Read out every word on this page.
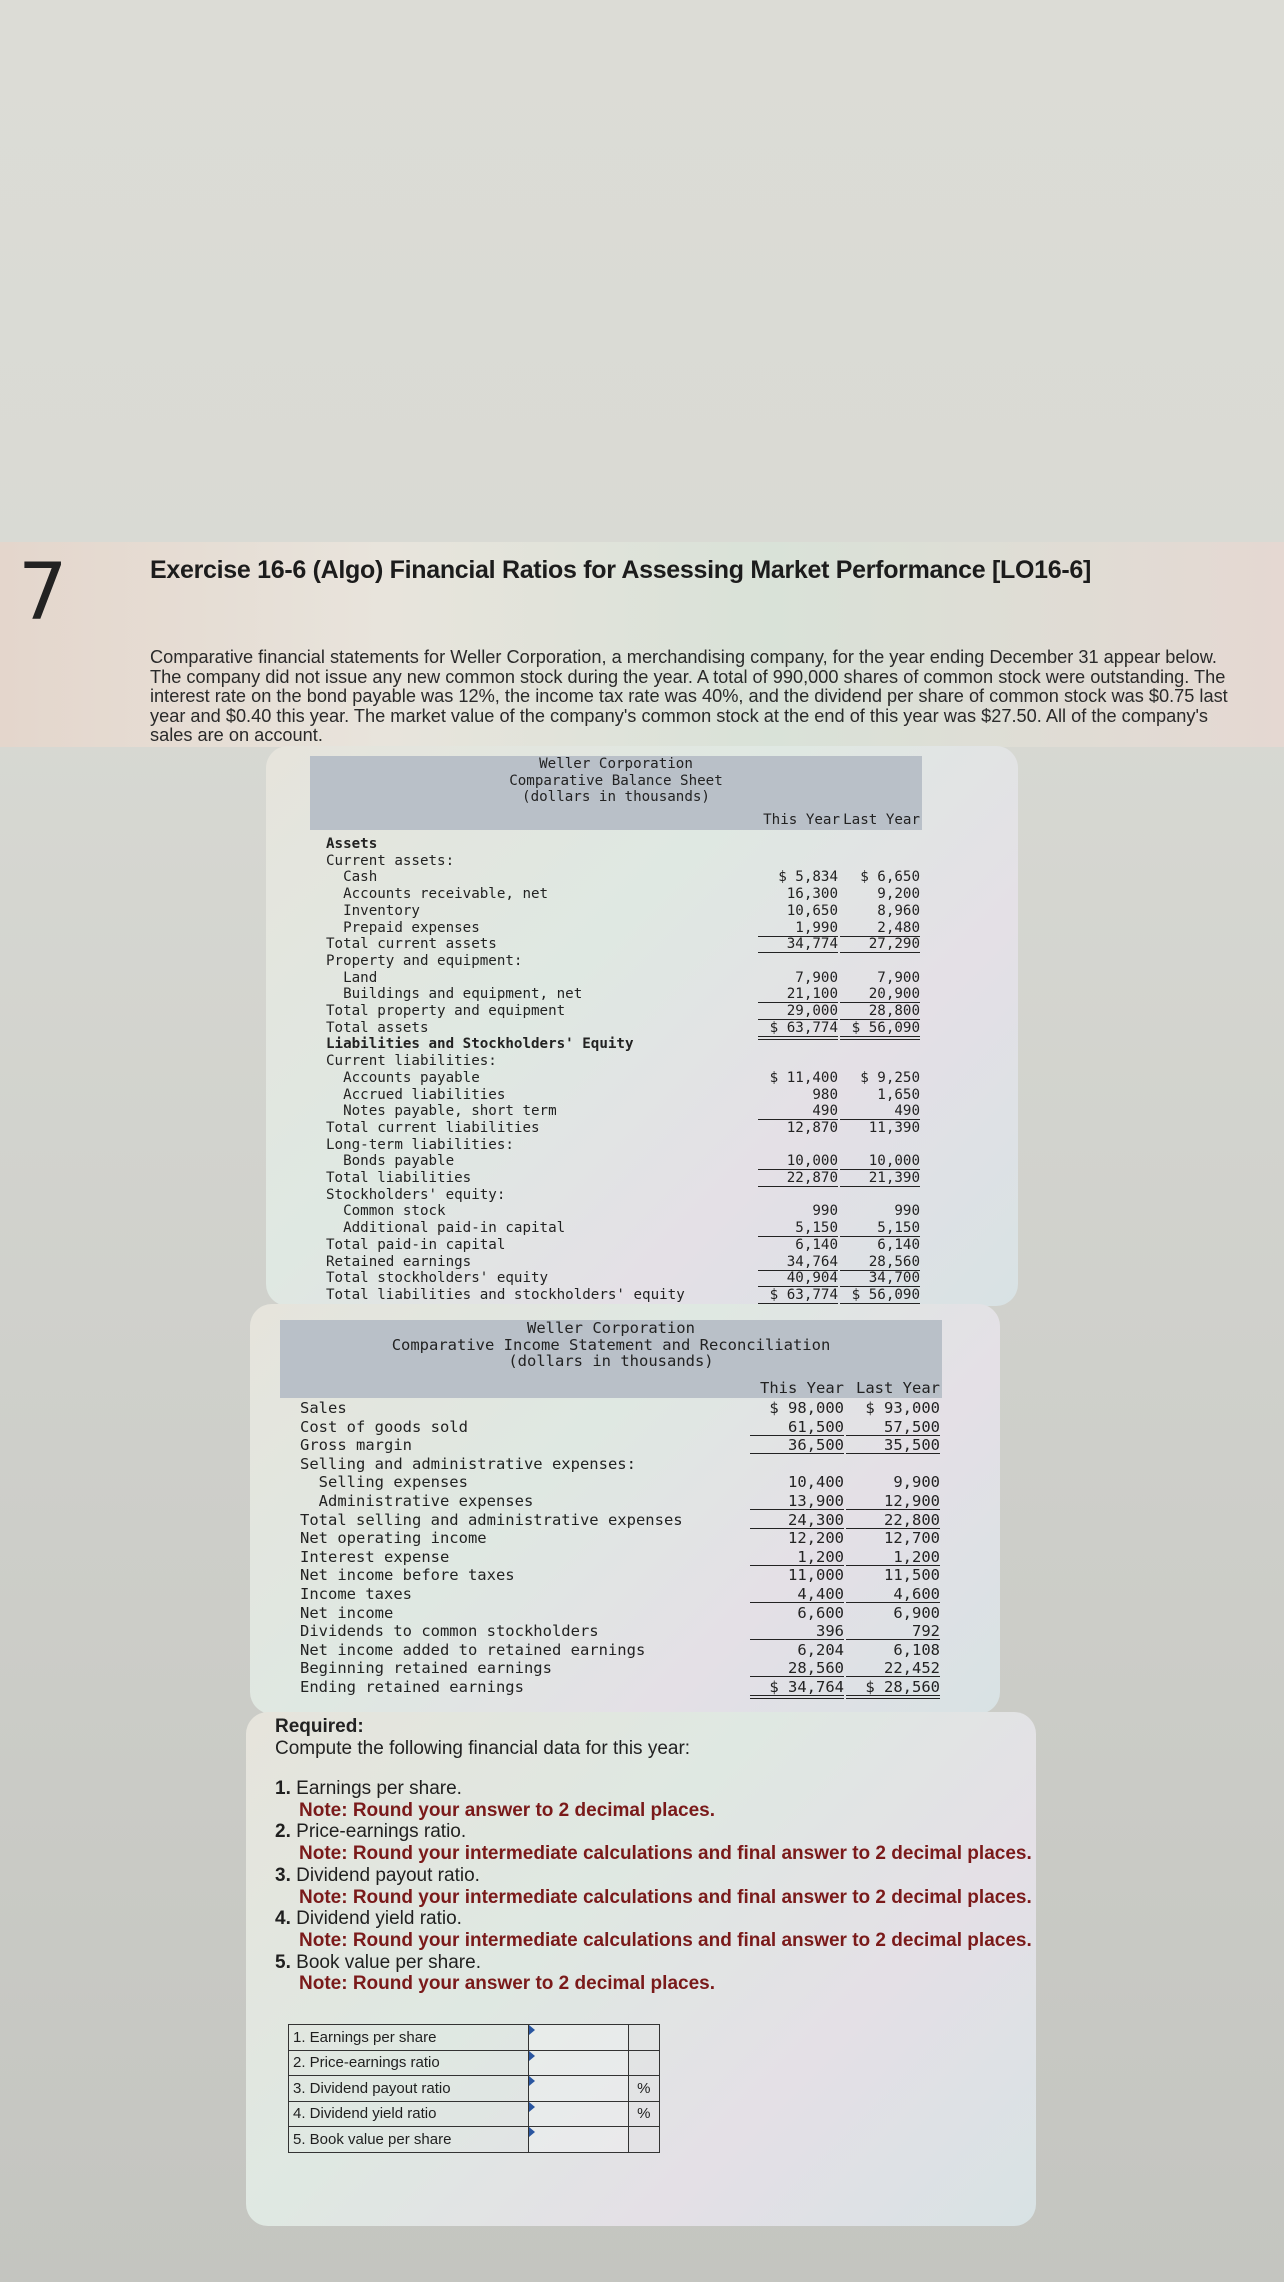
7	Exercise 16-6 (Algo) Financial Ratios for Assessing Market Performance [LO16-6]
Comparative financial statements for Weller Corporation, a merchandising company, for the year ending December 31 appear below.
The company did not issue any new common stock during the year. A total of 990,000 shares of common stock were outstanding. The
interest rate on the bond payable was 12%, the income tax rate was 40%, and the dividend per share of common stock was $0.75 last
year and $0.40 this year. The market value of the company's common stock at the end of this year was $27.50. All of the company's
sales are on account.
Weller Corporation
Comparative Balance Sheet
(dollars in thousands)
This Year Last Year
Assets
Current assets:
Cash	$ 5,834	$ 6,650
Accounts receivable, net	16,300	9,200
Inventory	10,650	8,960
Prepaid expenses	1,990	2,480
Total current assets	34,774	27,290
Property and equipment:
Land	7,900	7,900
Buildings and equipment, net	21,100	20,900
Total property and equipment	29,000	28,800
Total assets	$ 63,774 $ 56,090
Liabilities and Stockholders' Equity
Current liabilities:
Accounts payable	$ 11,400	$ 9,250
Accrued liabilities	980	1,650
Notes payable, short term	490	490
Total current liabilities	12,870	11,390
Long-term liabilities:
Bonds payable	10,000	10,000
Total liabilities	22,870	21,390
Stockholders' equity:
Common stock	990	990
Additional paid-in capital	5,150	5,150
Total paid-in capital	6,140	6,140
Retained earnings	34,764	28,560
Total stockholders' equity	40,904	34,700
Total liabilities and stockholders' equity	$ 63,774 $ 56,090
Weller Corporation
Comparative Income Statement and Reconciliation
(dollars in thousands)
This Year Last Year
Sales	$ 98,000	$ 93,000
Cost of goods sold	61,500	57,500
Gross margin	36,500	35,500
Selling and administrative expenses:
Selling expenses	10,400	9,900
Administrative expenses	13,900	12,900
Total selling and administrative expenses	24,300	22,800
Net operating income	12,200	12,700
Interest expense	1,200	1,200
Net income before taxes	11,000	11,500
Income taxes	4,400	4,600
Net income	6,600	6,900
Dividends to common stockholders	396	792
Net income added to retained earnings	6,204	6,108
Beginning retained earnings	28,560	22,452
Ending retained earnings	$ 34,764	$ 28,560
Required:
Compute the following financial data for this year:
1. Earnings per share.
Note: Round your answer to 2 decimal places.
2. Price-earnings ratio.
Note: Round your intermediate calculations and final answer to 2 decimal places.
3. Dividend payout ratio.
Note: Round your intermediate calculations and final answer to 2 decimal places.
4. Dividend yield ratio.
Note: Round your intermediate calculations and final answer to 2 decimal places.
5. Book value per share.
Note: Round your answer to 2 decimal places.
1. Earnings per share	

2. Price-earnings ratio	

3. Dividend payout ratio		%
4. Dividend yield ratio		%
5. Book value per share	
